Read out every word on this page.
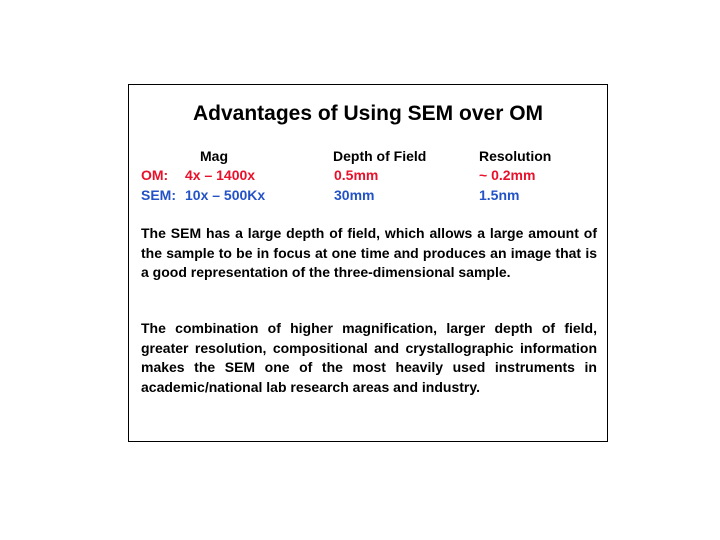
Advantages of Using SEM over OM
Mag	Depth of Field	Resolution
OM: 4x – 1400x	0.5mm	~ 0.2mm
SEM: 10x – 500Kx	30mm	1.5nm

The SEM has a large depth of field, which allows a large amount of the sample to be in focus at one time and produces an image that is a good representation of the three-dimensional sample.

The combination of higher magnification, larger depth of field, greater resolution, compositional and crystallographic information makes the SEM one of the most heavily used instruments in academic/national lab research areas and industry.
